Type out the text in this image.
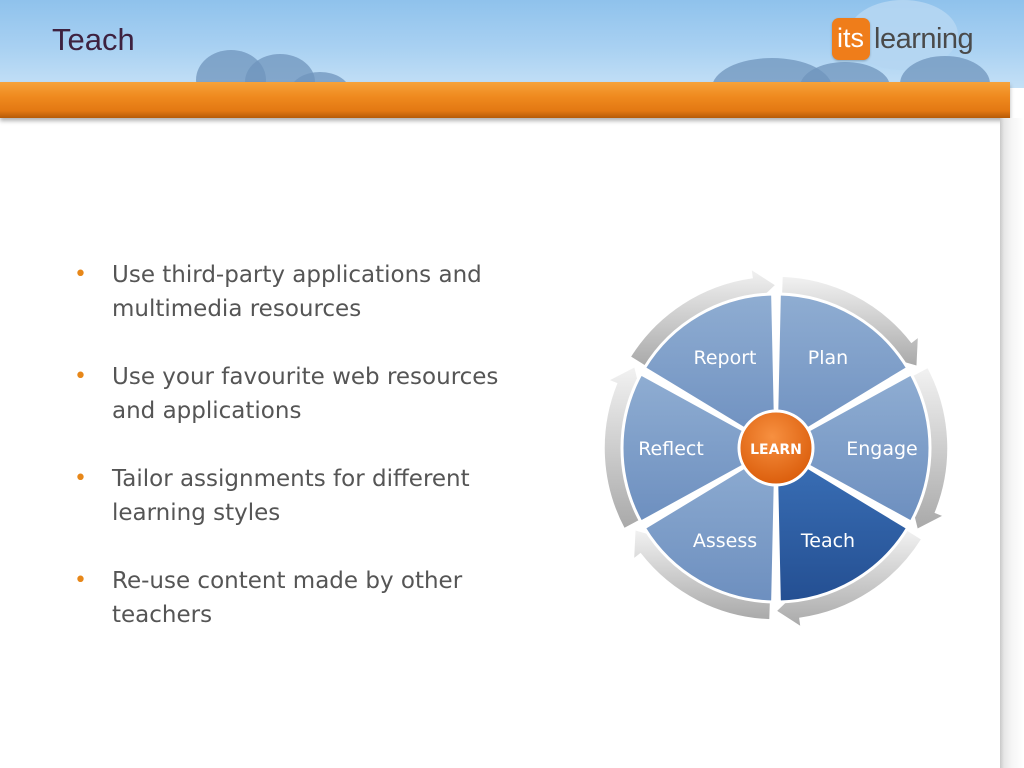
Teach	its learning
• Use third-party applications and multimedia resources
• Use your favourite web resources and applications
• Tailor assignments for different learning styles
• Re-use content made by other teachers
LEARN
Plan
Engage
Teach
Assess
Reflect
Report
